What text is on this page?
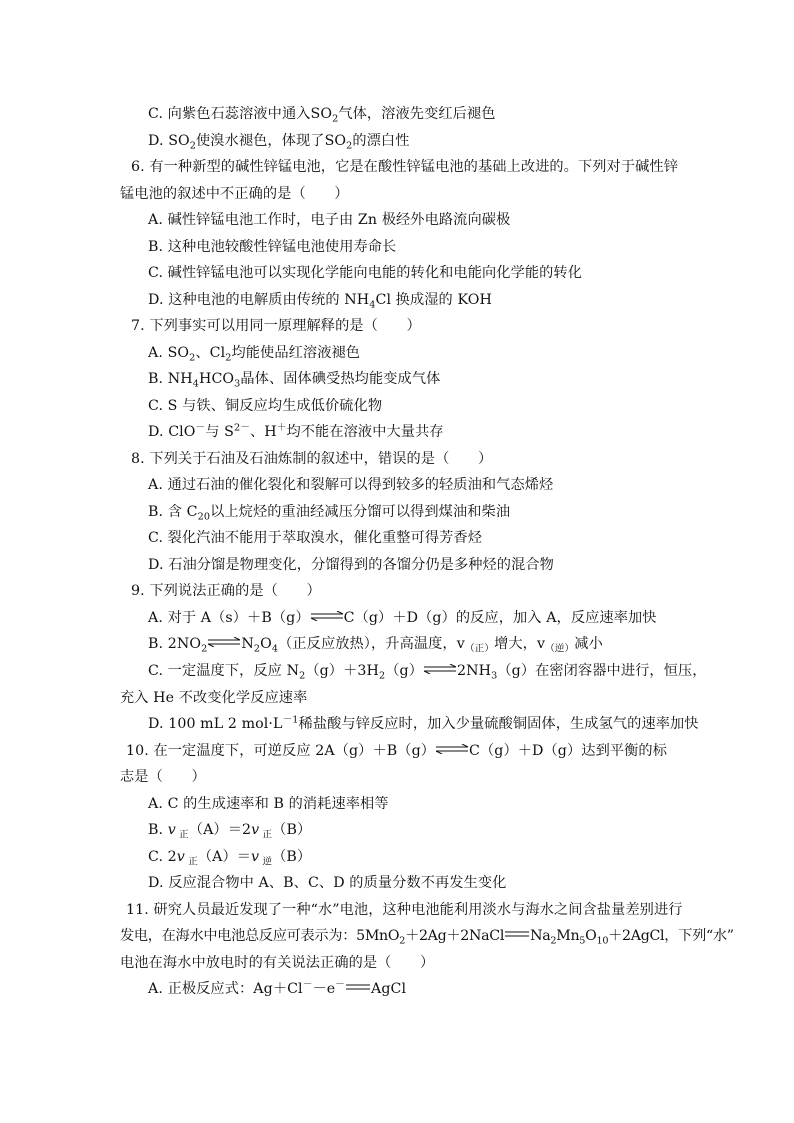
C. 向紫色石蕊溶液中通入$SO_2$气体，溶液先变红后褪色
D. $SO_2$使溴水褪色，体现了$SO_2$的漂白性
6. 有一种新型的碱性锌锰电池，它是在酸性锌锰电池的基础上改进的。下列对于碱性锌
锰电池的叙述中不正确的是（　　）
A. 碱性锌锰电池工作时，电子由 Zn 极经外电路流向碳极
B. 这种电池较酸性锌锰电池使用寿命长
C. 碱性锌锰电池可以实现化学能向电能的转化和电能向化学能的转化
D. 这种电池的电解质由传统的 $NH_4Cl$ 换成湿的 KOH
7. 下列事实可以用同一原理解释的是（　　）
A. $SO_2$、$Cl_2$均能使品红溶液褪色
B. $NH_4HCO_3$晶体、固体碘受热均能变成气体
C. S 与铁、铜反应均生成低价硫化物
D. ClO－与 $S^{2-}$、H＋均不能在溶液中大量共存
8. 下列关于石油及石油炼制的叙述中，错误的是（　　）
A. 通过石油的催化裂化和裂解可以得到较多的轻质油和气态烯烃
B. 含 $C_{20}$以上烷烃的重油经减压分馏可以得到煤油和柴油
C. 裂化汽油不能用于萃取溴水，催化重整可得芳香烃
D. 石油分馏是物理变化，分馏得到的各馏分仍是多种烃的混合物
9. 下列说法正确的是（　　）
A. 对于 A（s）＋B（g）⇌C（g）＋D（g）的反应，加入 A，反应速率加快
B. $2NO_2$ $\rightleftharpoons N_2O_4$（正反应放热），升高温度，$v_{(正)}$增大，$v_{(逆)}$减小
C. 一定温度下，反应 $N_2(g)+3H_2(g)\rightleftharpoons 2NH_3(g)$在密闭容器中进行，恒压，
充入 He 不改变化学反应速率
D. 100 mL 2 $mol\cdot L^{-1}$稀盐酸与锌反应时，加入少量硫酸铜固体，生成氢气的速率加快
10. 在一定温度下，可逆反应 2A（g）＋B（g）⇌C（g）＋D（g）达到平衡的标
志是（　　）
A. C 的生成速率和 B 的消耗速率相等
B. v $_正$（A）＝2v $_正$（B）
C. 2v $_正$（A）＝v $_逆$（B）
D. 反应混合物中 A、B、C、D 的质量分数不再发生变化
11. 研究人员最近发现了一种“水”电池，这种电池能利用淡水与海水之间含盐量差别进行
发电，在海水中电池总反应可表示为：5MnO$_2$＋2Ag＋2NaCl $Na_2Mn_5O_{10}+2AgCl$，下列“水”
电池在海水中放电时的有关说法正确的是（　　）
A. 正极反应式：Ag＋Cl－－e－ AgCl
